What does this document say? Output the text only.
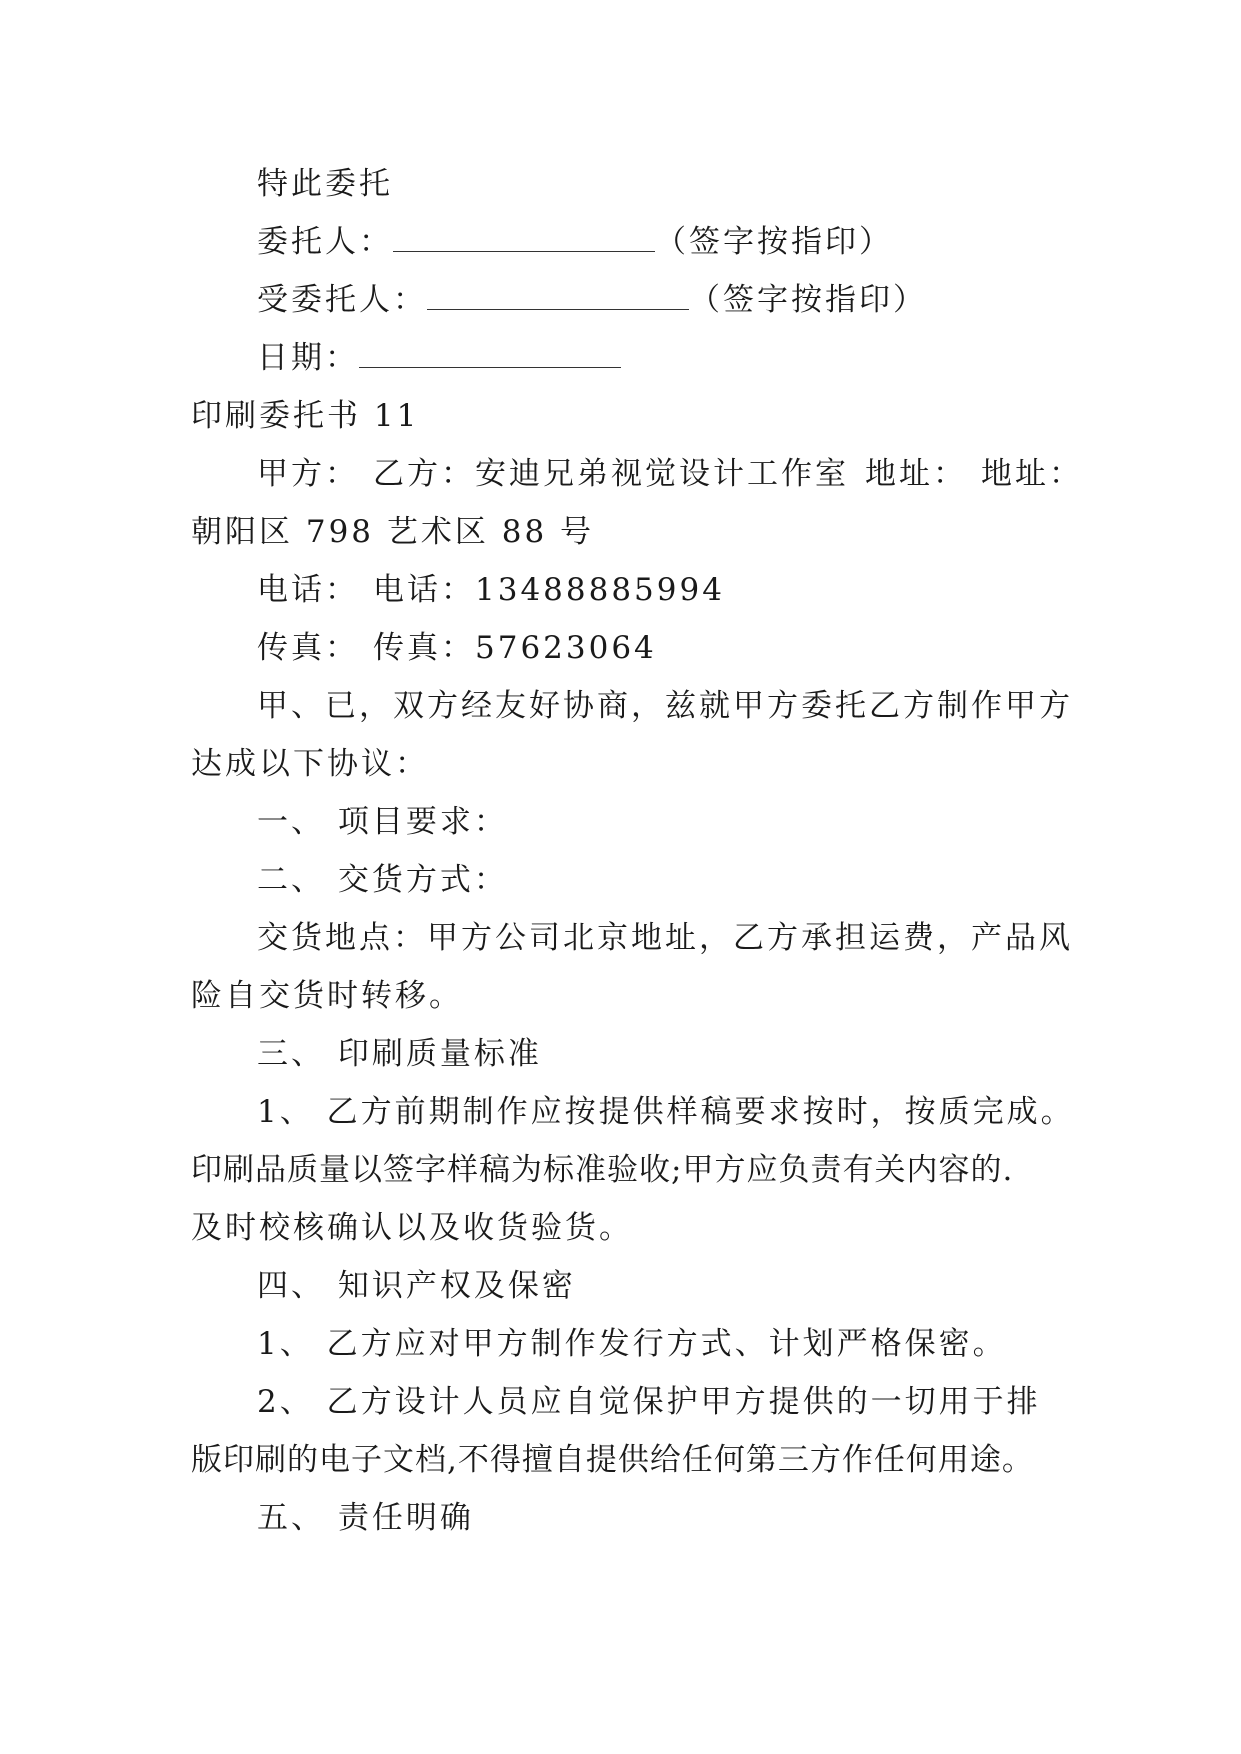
特此委托
委托人：	（签字按指印）
受委托人：	（签字按指印）
日期：
印刷委托书 11
甲方： 乙方：安迪兄弟视觉设计工作室 地址： 地址：
朝阳区 798 艺术区 88 号
电话： 电话：13488885994
传真： 传真：57623064
甲、已，双方经友好协商，兹就甲方委托乙方制作甲方
达成以下协议：
一、 项目要求：
二、 交货方式：
交货地点：甲方公司北京地址，乙方承担运费，产品风
险自交货时转移。
三、 印刷质量标准
1、 乙方前期制作应按提供样稿要求按时，按质完成。
印刷品质量以签字样稿为标准验收;甲方应负责有关内容的.
及时校核确认以及收货验货。
四、 知识产权及保密
1、 乙方应对甲方制作发行方式、计划严格保密。
2、 乙方设计人员应自觉保护甲方提供的一切用于排
版印刷的电子文档,不得擅自提供给任何第三方作任何用途。
五、 责任明确
